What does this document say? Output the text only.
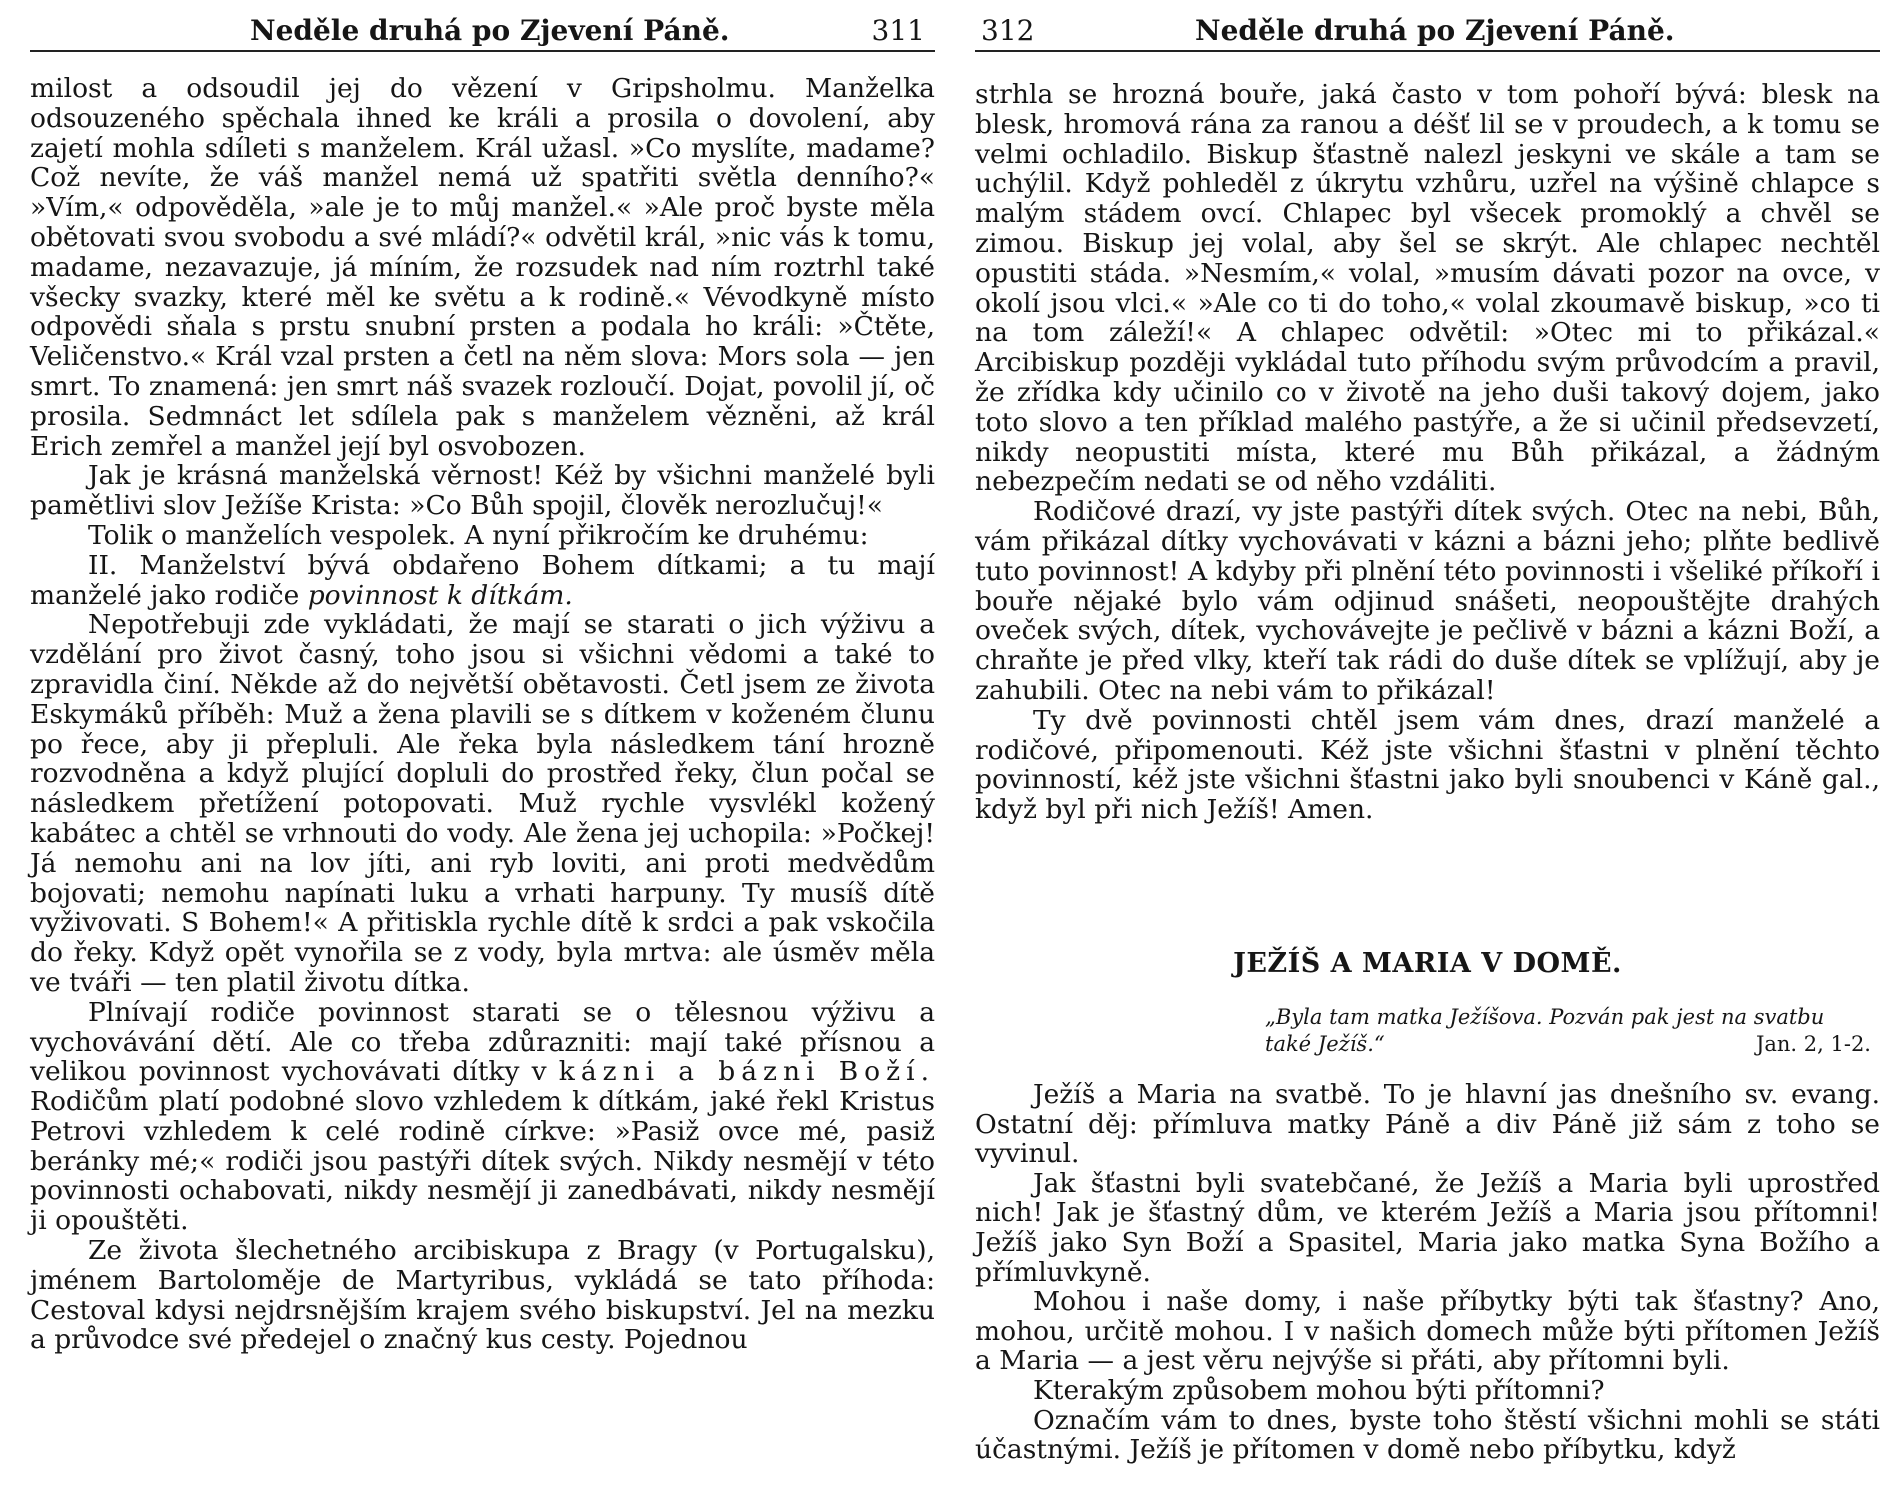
Neděle druhá po Zjevení Páně.	311

milost a odsoudil jej do vězení v Gripsholmu. Manželka odsouzeného spěchala ihned ke králi a prosila o dovolení, aby zajetí mohla sdíleti s manželem. Král užasl. »Co myslíte, madame? Což nevíte, že váš manžel nemá už spatřiti světla denního?« »Vím,« odpověděla, »ale je to můj manžel.« »Ale proč byste měla obětovati svou svobodu a své mládí?« odvětil král, »nic vás k tomu, madame, nezavazuje, já míním, že rozsudek nad ním roztrhl také všecky svazky, které měl ke světu a k rodině.« Vévodkyně místo odpovědi sňala s prstu snubní prsten a podala ho králi: »Čtěte, Veličenstvo.« Král vzal prsten a četl na něm slova: Mors sola — jen smrt. To znamená: jen smrt náš svazek rozloučí. Dojat, povolil jí, oč prosila. Sedmnáct let sdílela pak s manželem vězněni, až král Erich zemřel a manžel její byl osvobozen.

Jak je krásná manželská věrnost! Kéž by všichni manželé byli pamětlivi slov Ježíše Krista: »Co Bůh spojil, člověk nerozlučuj!«

Tolik o manželích vespolek. A nyní přikročím ke druhému:

II. Manželství bývá obdařeno Bohem dítkami; a tu mají manželé jako rodiče povinnost k dítkám.

Nepotřebuji zde vykládati, že mají se starati o jich výživu a vzdělání pro život časný, toho jsou si všichni vědomi a také to zpravidla činí. Někde až do největší obětavosti. Četl jsem ze života Eskymáků příběh: Muž a žena plavili se s dítkem v koženém člunu po řece, aby ji přepluli. Ale řeka byla následkem tání hrozně rozvodněna a když plující dopluli do prostřed řeky, člun počal se následkem přetížení potopovati. Muž rychle vysvlékl kožený kabátec a chtěl se vrhnouti do vody. Ale žena jej uchopila: »Počkej! Já nemohu ani na lov jíti, ani ryb loviti, ani proti medvědům bojovati; nemohu napínati luku a vrhati harpuny. Ty musíš dítě vyživovati. S Bohem!« A přitiskla rychle dítě k srdci a pak vskočila do řeky. Když opět vynořila se z vody, byla mrtva: ale úsměv měla ve tváři — ten platil životu dítka.

Plnívají rodiče povinnost starati se o tělesnou výživu a vychovávání dětí. Ale co třeba zdůrazniti: mají také přísnou a velikou povinnost vychovávati dítky v kázni a bázni Boží. Rodičům platí podobné slovo vzhledem k dítkám, jaké řekl Kristus Petrovi vzhledem k celé rodině církve: »Pasiž ovce mé, pasiž beránky mé;« rodiči jsou pastýři dítek svých. Nikdy nesmějí v této povinnosti ochabovati, nikdy nesmějí ji zanedbávati, nikdy nesmějí ji opouštěti.

Ze života šlechetného arcibiskupa z Bragy (v Portugalsku), jménem Bartoloměje de Martyribus, vykládá se tato příhoda: Cestoval kdysi nejdrsnějším krajem svého biskupství. Jel na mezku a průvodce své předejel o značný kus cesty. Pojednou

312	Neděle druhá po Zjevení Páně.

strhla se hrozná bouře, jaká často v tom pohoří bývá: blesk na blesk, hromová rána za ranou a déšť lil se v proudech, a k tomu se velmi ochladilo. Biskup šťastně nalezl jeskyni ve skále a tam se uchýlil. Když pohleděl z úkrytu vzhůru, uzřel na výšině chlapce s malým stádem ovcí. Chlapec byl všecek promoklý a chvěl se zimou. Biskup jej volal, aby šel se skrýt. Ale chlapec nechtěl opustiti stáda. »Nesmím,« volal, »musím dávati pozor na ovce, v okolí jsou vlci.« »Ale co ti do toho,« volal zkoumavě biskup, »co ti na tom záleží!« A chlapec odvětil: »Otec mi to přikázal.« Arcibiskup později vykládal tuto příhodu svým průvodcím a pravil, že zřídka kdy učinilo co v životě na jeho duši takový dojem, jako toto slovo a ten příklad malého pastýře, a že si učinil předsevzetí, nikdy neopustiti místa, které mu Bůh přikázal, a žádným nebezpečím nedati se od něho vzdáliti.

Rodičové drazí, vy jste pastýři dítek svých. Otec na nebi, Bůh, vám přikázal dítky vychovávati v kázni a bázni jeho; plňte bedlivě tuto povinnost! A kdyby při plnění této povinnosti i všeliké příkoří i bouře nějaké bylo vám odjinud snášeti, neopouštějte drahých oveček svých, dítek, vychovávejte je pečlivě v bázni a kázni Boží, a chraňte je před vlky, kteří tak rádi do duše dítek se vplížují, aby je zahubili. Otec na nebi vám to přikázal!

Ty dvě povinnosti chtěl jsem vám dnes, drazí manželé a rodičové, připomenouti. Kéž jste všichni šťastni v plnění těchto povinností, kéž jste všichni šťastni jako byli snoubenci v Káně gal., když byl při nich Ježíš! Amen.

JEŽÍŠ A MARIA V DOMĚ.
„Byla tam matka Ježíšova. Pozván pak jest na svatbu také Ježíš.“	Jan. 2, 1-2.

Ježíš a Maria na svatbě. To je hlavní jas dnešního sv. evang. Ostatní děj: přímluva matky Páně a div Páně již sám z toho se vyvinul.

Jak šťastni byli svatebčané, že Ježíš a Maria byli uprostřed nich! Jak je šťastný dům, ve kterém Ježíš a Maria jsou přítomni! Ježíš jako Syn Boží a Spasitel, Maria jako matka Syna Božího a přímluvkyně.

Mohou i naše domy, i naše příbytky býti tak šťastny? Ano, mohou, určitě mohou. I v našich domech může býti přítomen Ježíš a Maria — a jest věru nejvýše si přáti, aby přítomni byli.

Kterakým způsobem mohou býti přítomni?

Označím vám to dnes, byste toho štěstí všichni mohli se státi účastnými. Ježíš je přítomen v domě nebo příbytku, když
